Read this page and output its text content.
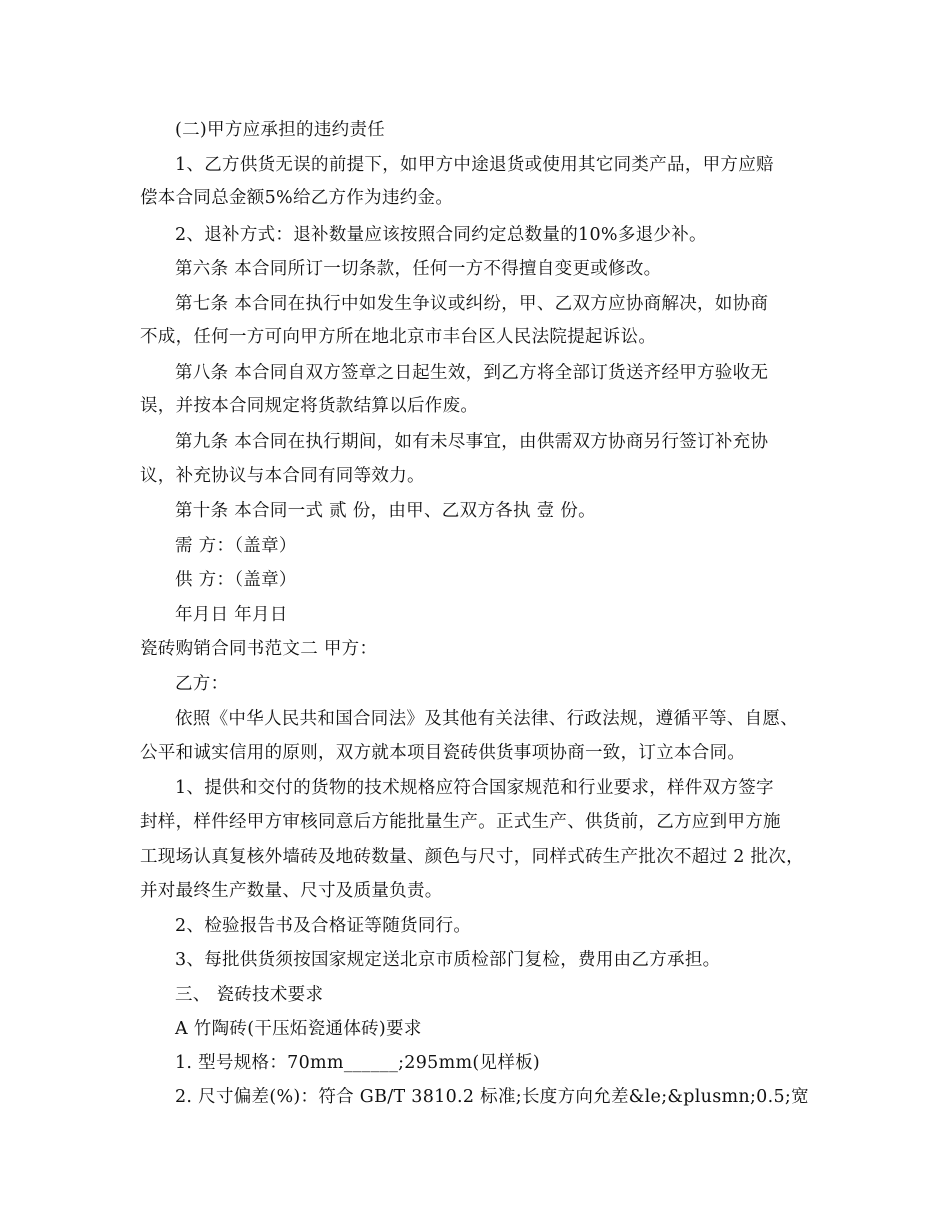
(二)甲方应承担的违约责任
1、乙方供货无误的前提下，如甲方中途退货或使用其它同类产品，甲方应赔
偿本合同总金额5%给乙方作为违约金。
2、退补方式：退补数量应该按照合同约定总数量的10%多退少补。
第六条 本合同所订一切条款，任何一方不得擅自变更或修改。
第七条 本合同在执行中如发生争议或纠纷，甲、乙双方应协商解决，如协商
不成，任何一方可向甲方所在地北京市丰台区人民法院提起诉讼。
第八条 本合同自双方签章之日起生效，到乙方将全部订货送齐经甲方验收无
误，并按本合同规定将货款结算以后作废。
第九条 本合同在执行期间，如有未尽事宜，由供需双方协商另行签订补充协
议，补充协议与本合同有同等效力。
第十条 本合同一式 贰 份，由甲、乙双方各执 壹 份。
需 方：（盖章）
供 方：（盖章）
年月日 年月日
瓷砖购销合同书范文二 甲方：
乙方：
依照《中华人民共和国合同法》及其他有关法律、行政法规，遵循平等、自愿、
公平和诚实信用的原则，双方就本项目瓷砖供货事项协商一致，订立本合同。
1、提供和交付的货物的技术规格应符合国家规范和行业要求，样件双方签字
封样，样件经甲方审核同意后方能批量生产。正式生产、供货前，乙方应到甲方施
工现场认真复核外墙砖及地砖数量、颜色与尺寸，同样式砖生产批次不超过 2 批次，
并对最终生产数量、尺寸及质量负责。
2、检验报告书及合格证等随货同行。
3、每批供货须按国家规定送北京市质检部门复检，费用由乙方承担。
三、 瓷砖技术要求
A 竹陶砖(干压炻瓷通体砖)要求
1. 型号规格：70mm______;295mm(见样板)
2. 尺寸偏差(%)：符合 GB/T 3810.2 标准;长度方向允差&le;&plusmn;0.5;宽
